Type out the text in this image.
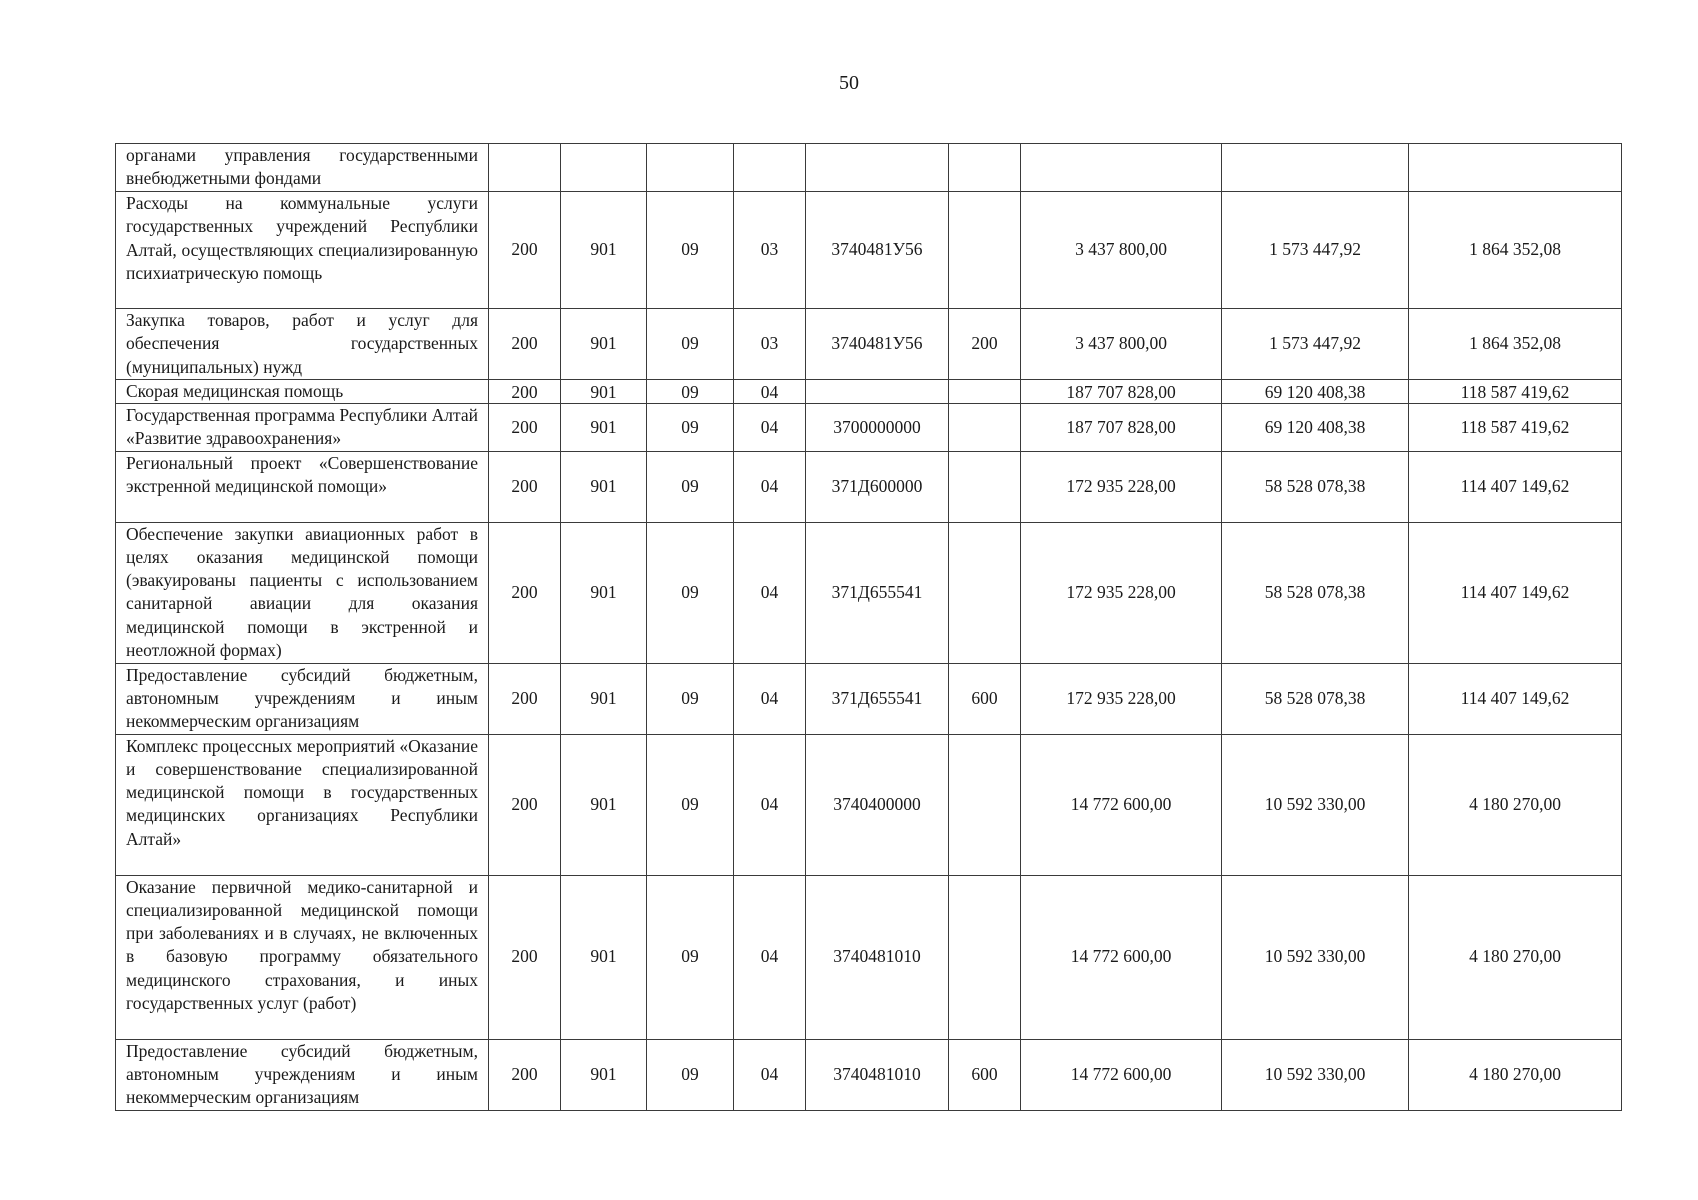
50
органами управления государственными внебюджетными фондами									
Расходы на коммунальные услуги государственных учреждений Республики Алтай, осуществляющих специализированную психиатрическую помощь	200	901	09	03	3740481У56		3 437 800,00	1 573 447,92	1 864 352,08
Закупка товаров, работ и услуг для обеспечения государственных (муниципальных) нужд	200	901	09	03	3740481У56	200	3 437 800,00	1 573 447,92	1 864 352,08
Скорая медицинская помощь	200	901	09	04			187 707 828,00	69 120 408,38	118 587 419,62
Государственная программа Республики Алтай «Развитие здравоохранения»	200	901	09	04	3700000000		187 707 828,00	69 120 408,38	118 587 419,62
Региональный проект «Совершенствование экстренной медицинской помощи»	200	901	09	04	371Д600000		172 935 228,00	58 528 078,38	114 407 149,62
Обеспечение закупки авиационных работ в целях оказания медицинской помощи (эвакуированы пациенты с использованием санитарной авиации для оказания медицинской помощи в экстренной и неотложной формах)	200	901	09	04	371Д655541		172 935 228,00	58 528 078,38	114 407 149,62
Предоставление субсидий бюджетным, автономным учреждениям и иным некоммерческим организациям	200	901	09	04	371Д655541	600	172 935 228,00	58 528 078,38	114 407 149,62
Комплекс процессных мероприятий «Оказание и совершенствование специализированной медицинской помощи в государственных медицинских организациях Республики Алтай»	200	901	09	04	3740400000		14 772 600,00	10 592 330,00	4 180 270,00
Оказание первичной медико-санитарной и специализированной медицинской помощи при заболеваниях и в случаях, не включенных в базовую программу обязательного медицинского страхования, и иных государственных услуг (работ)	200	901	09	04	3740481010		14 772 600,00	10 592 330,00	4 180 270,00
Предоставление субсидий бюджетным, автономным учреждениям и иным некоммерческим организациям	200	901	09	04	3740481010	600	14 772 600,00	10 592 330,00	4 180 270,00
